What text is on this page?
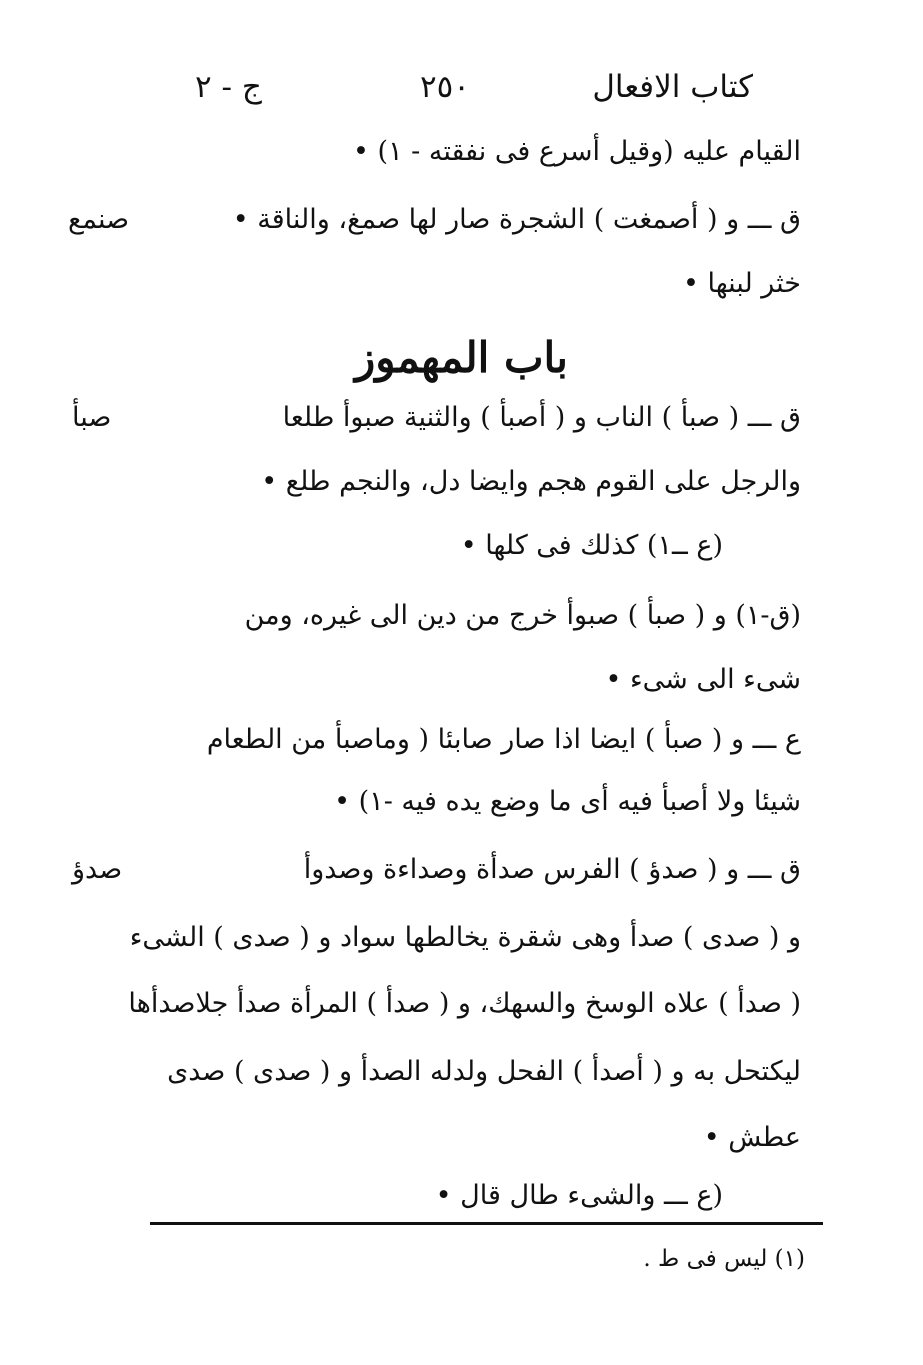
كتاب الافعال
٢٥٠
ج - ٢
القيام عليه (وقيل أسرع فى نفقته - ١) •
ق ـــ و ( أصمغت ) الشجرة صار لها صمغ، والناقة •
خثر لبنها •
باب المهموز
ق ـــ ( صبأ ) الناب و ( أصبأ ) والثنية صبوأ طلعا
والرجل على القوم هجم وايضا دل، والنجم طلع •
(ع ــ١) كذلك فى كلها •
(ق-١) و ( صبأ ) صبوأ خرج من دين الى غيره، ومن
شىء الى شىء •
ع ـــ و ( صبأ ) ايضا اذا صار صابئا ( وماصبأ من الطعام
شيئا ولا أصبأ فيه أى ما وضع يده فيه -١) •
ق ـــ و ( صدؤ ) الفرس صدأة وصداءة وصدوأ
و ( صدى ) صدأ وهى شقرة يخالطها سواد و ( صدى ) الشىء
( صدأ ) علاه الوسخ والسهك، و ( صدأ ) المرأة صدأ جلاصدأها
ليكتحل به و ( أصدأ ) الفحل ولدله الصدأ و ( صدى ) صدى
عطش •
(ع ـــ والشىء طال قال •
صنمع
صبأ
صدؤ
(١) ليس فى ط .
